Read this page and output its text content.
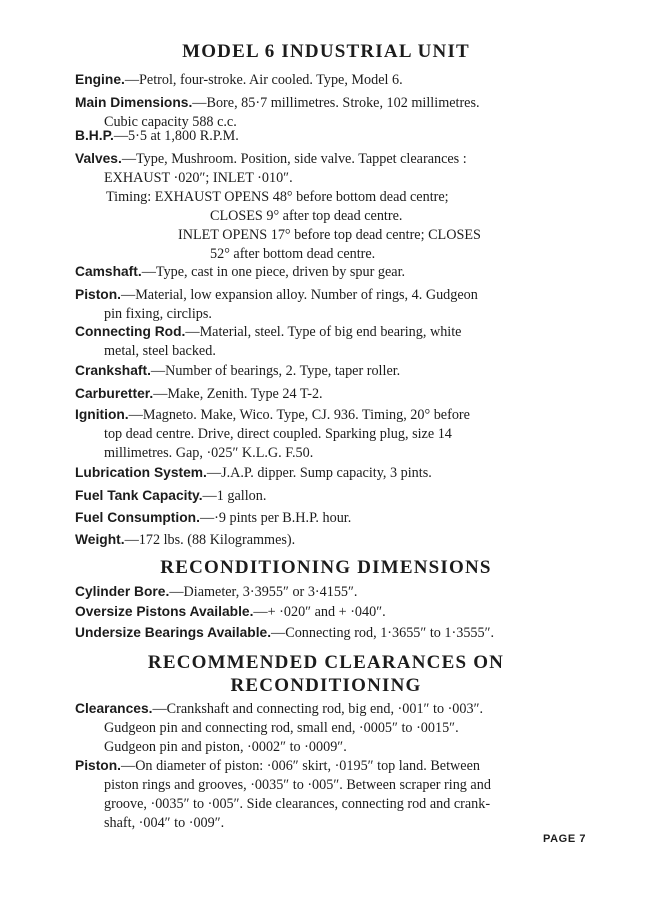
MODEL 6 INDUSTRIAL UNIT

Engine.—Petrol, four-stroke. Air cooled. Type, Model 6.

Main Dimensions.—Bore, 85·7 millimetres. Stroke, 102 millimetres.
Cubic capacity 588 c.c.

B.H.P.—5·5 at 1,800 R.P.M.

Valves.—Type, Mushroom. Position, side valve. Tappet clearances :
EXHAUST ·020″; INLET ·010″.
Timing: EXHAUST OPENS 48° before bottom dead centre;
CLOSES 9° after top dead centre.
INLET OPENS 17° before top dead centre; CLOSES
52° after bottom dead centre.

Camshaft.—Type, cast in one piece, driven by spur gear.

Piston.—Material, low expansion alloy. Number of rings, 4. Gudgeon
pin fixing, circlips.

Connecting Rod.—Material, steel. Type of big end bearing, white
metal, steel backed.

Crankshaft.—Number of bearings, 2. Type, taper roller.

Carburetter.—Make, Zenith. Type 24 T-2.

Ignition.—Magneto. Make, Wico. Type, CJ. 936. Timing, 20° before
top dead centre. Drive, direct coupled. Sparking plug, size 14
millimetres. Gap, ·025″ K.L.G. F.50.

Lubrication System.—J.A.P. dipper. Sump capacity, 3 pints.

Fuel Tank Capacity.—1 gallon.

Fuel Consumption.—·9 pints per B.H.P. hour.

Weight.—172 lbs. (88 Kilogrammes).

RECONDITIONING DIMENSIONS

Cylinder Bore.—Diameter, 3·3955″ or 3·4155″.

Oversize Pistons Available.—+ ·020″ and + ·040″.

Undersize Bearings Available.—Connecting rod, 1·3655″ to 1·3555″.

RECOMMENDED CLEARANCES ON
RECONDITIONING

Clearances.—Crankshaft and connecting rod, big end, ·001″ to ·003″.
Gudgeon pin and connecting rod, small end, ·0005″ to ·0015″.
Gudgeon pin and piston, ·0002″ to ·0009″.

Piston.—On diameter of piston: ·006″ skirt, ·0195″ top land. Between
piston rings and grooves, ·0035″ to ·005″. Between scraper ring and
groove, ·0035″ to ·005″. Side clearances, connecting rod and crank-
shaft, ·004″ to ·009″.

PAGE 7
